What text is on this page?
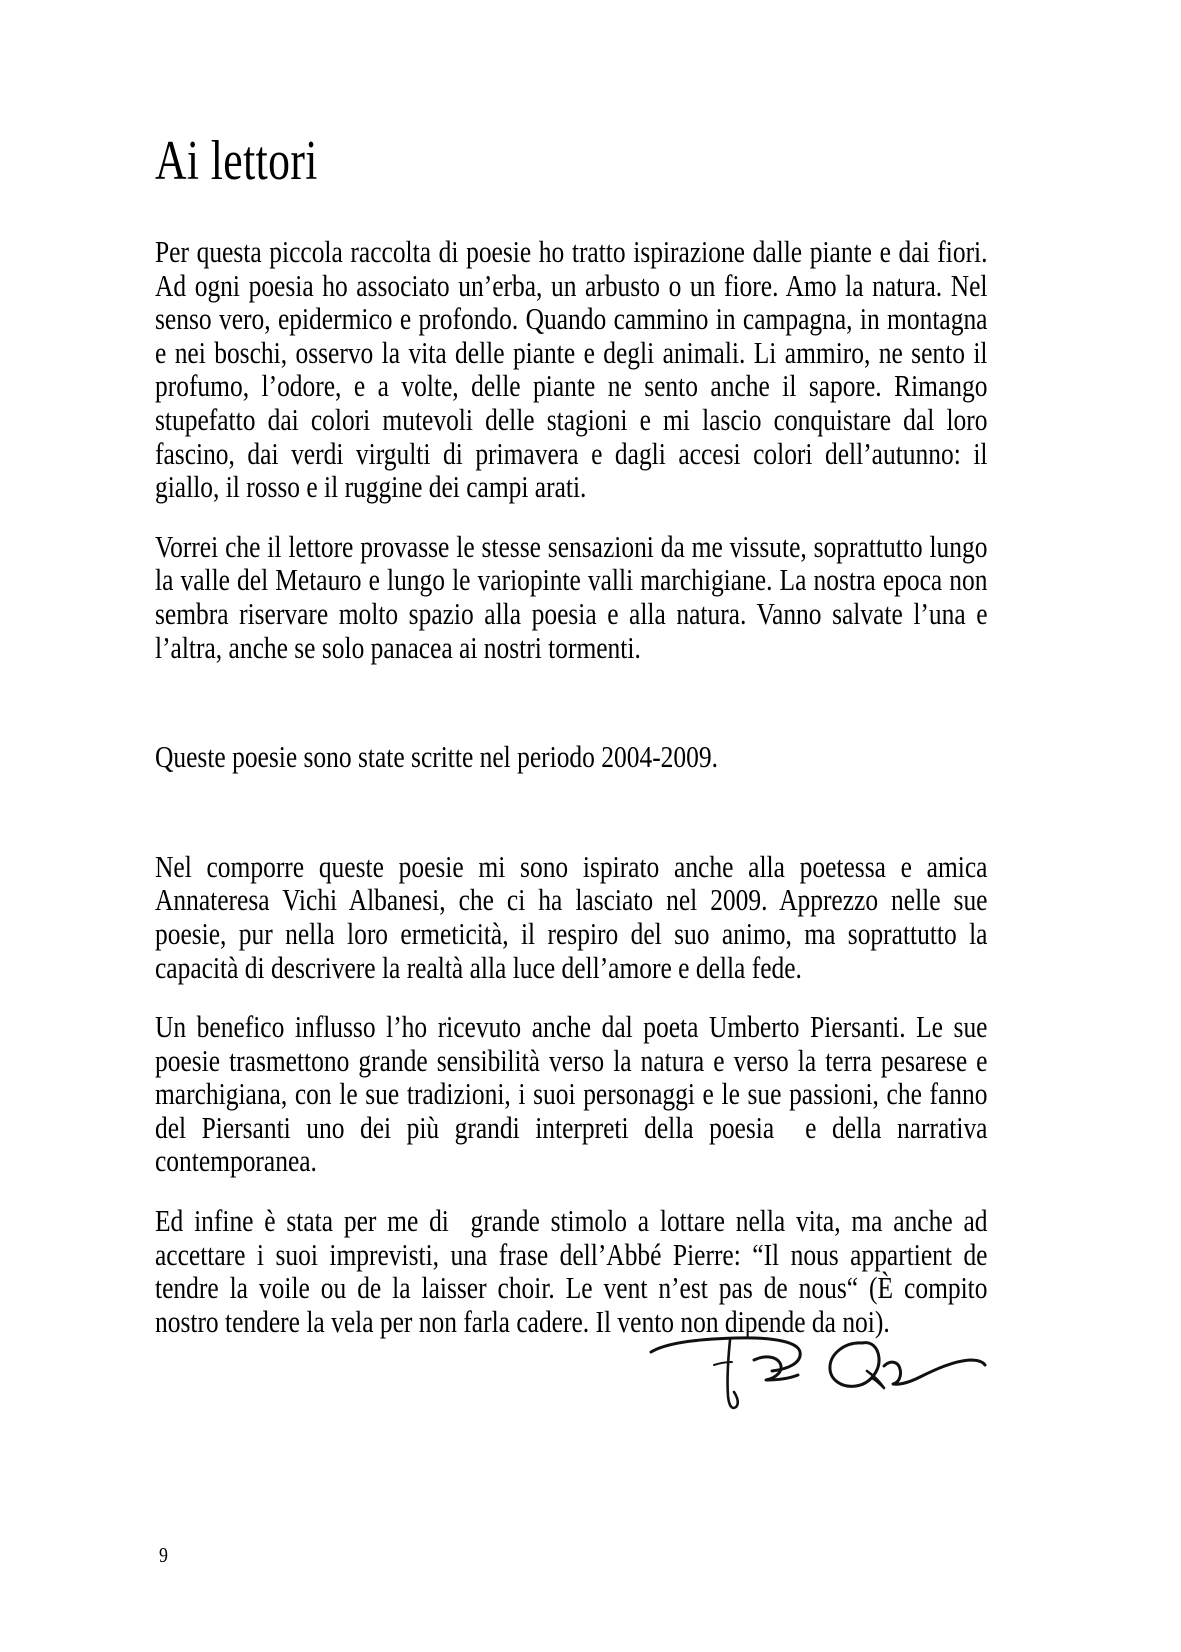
Ai lettori

Per questa piccola raccolta di poesie ho tratto ispirazione dalle piante e dai fiori. Ad ogni poesia ho associato un’erba, un arbusto o un fiore. Amo la natura. Nel senso vero, epidermico e profondo. Quando cammino in campagna, in montagna e nei boschi, osservo la vita delle piante e degli animali. Li ammiro, ne sento il profumo, l’odore, e a volte, delle piante ne sento anche il sapore. Rimango stupefatto dai colori mutevoli delle stagioni e mi lascio conquistare dal loro fascino, dai verdi virgulti di primavera e dagli accesi colori dell’autunno: il giallo, il rosso e il ruggine dei campi arati.

Vorrei che il lettore provasse le stesse sensazioni da me vissute, soprattutto lungo la valle del Metauro e lungo le variopinte valli marchigiane. La nostra epoca non sembra riservare molto spazio alla poesia e alla natura. Vanno salvate l’una e l’altra, anche se solo panacea ai nostri tormenti.

Queste poesie sono state scritte nel periodo 2004-2009.

Nel comporre queste poesie mi sono ispirato anche alla poetessa e amica Annateresa Vichi Albanesi, che ci ha lasciato nel 2009. Apprezzo nelle sue poesie, pur nella loro ermeticità, il respiro del suo animo, ma soprattutto la capacità di descrivere la realtà alla luce dell’amore e della fede.

Un benefico influsso l’ho ricevuto anche dal poeta Umberto Piersanti. Le sue poesie trasmettono grande sensibilità verso la natura e verso la terra pesarese e marchigiana, con le sue tradizioni, i suoi personaggi e le sue passioni, che fanno del Piersanti uno dei più grandi interpreti della poesia  e della narrativa contemporanea.

Ed infine è stata per me di  grande stimolo a lottare nella vita, ma anche ad accettare i suoi imprevisti, una frase dell’Abbé Pierre: “Il nous appartient de tendre la voile ou de la laisser choir. Le vent n’est pas de nous“ (È compito nostro tendere la vela per non farla cadere. Il vento non dipende da noi).

9
